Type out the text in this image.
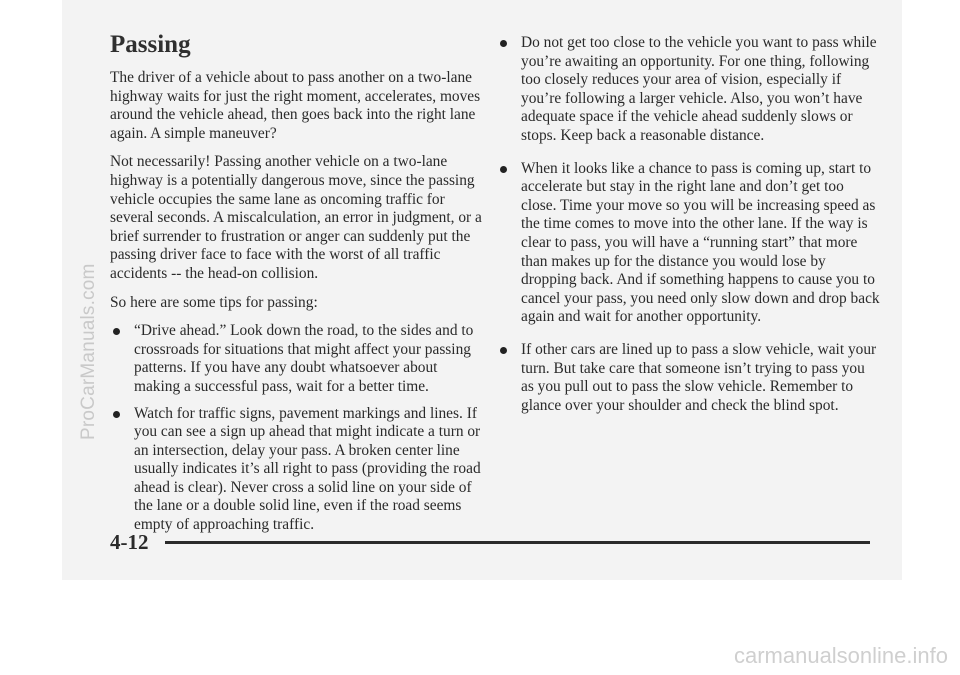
ProCarManuals.com
Passing

The driver of a vehicle about to pass another on a two-lane highway waits for just the right moment, accelerates, moves around the vehicle ahead, then goes back into the right lane again. A simple maneuver?

Not necessarily! Passing another vehicle on a two-lane highway is a potentially dangerous move, since the passing vehicle occupies the same lane as oncoming traffic for several seconds. A miscalculation, an error in judgment, or a brief surrender to frustration or anger can suddenly put the passing driver face to face with the worst of all traffic accidents -- the head-on collision.

So here are some tips for passing:

“Drive ahead.” Look down the road, to the sides and to crossroads for situations that might affect your passing patterns. If you have any doubt whatsoever about making a successful pass, wait for a better time.
Watch for traffic signs, pavement markings and lines. If you can see a sign up ahead that might indicate a turn or an intersection, delay your pass. A broken center line usually indicates it’s all right to pass (providing the road ahead is clear). Never cross a solid line on your side of the lane or a double solid line, even if the road seems empty of approaching traffic.
Do not get too close to the vehicle you want to pass while you’re awaiting an opportunity. For one thing, following too closely reduces your area of vision, especially if you’re following a larger vehicle. Also, you won’t have adequate space if the vehicle ahead suddenly slows or stops. Keep back a reasonable distance.
When it looks like a chance to pass is coming up, start to accelerate but stay in the right lane and don’t get too close. Time your move so you will be increasing speed as the time comes to move into the other lane. If the way is clear to pass, you will have a “running start” that more than makes up for the distance you would lose by dropping back. And if something happens to cause you to cancel your pass, you need only slow down and drop back again and wait for another opportunity.
If other cars are lined up to pass a slow vehicle, wait your turn. But take care that someone isn’t trying to pass you as you pull out to pass the slow vehicle. Remember to glance over your shoulder and check the blind spot.
4-12
carmanualsonline.info
